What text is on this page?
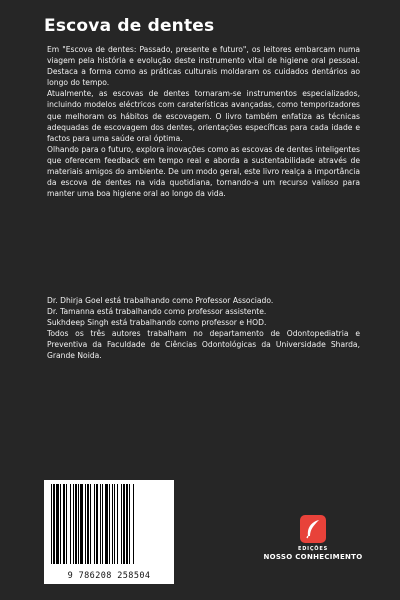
Escova de dentes

Em "Escova de dentes: Passado, presente e futuro", os leitores embarcam numa viagem pela história e evolução deste instrumento vital de higiene oral pessoal. Destaca a forma como as práticas culturais moldaram os cuidados dentários ao longo do tempo.

Atualmente, as escovas de dentes tornaram-se instrumentos especializados, incluindo modelos eléctricos com caraterísticas avançadas, como temporizadores que melhoram os hábitos de escovagem. O livro também enfatiza as técnicas adequadas de escovagem dos dentes, orientações específicas para cada idade e factos para uma saúde oral óptima.

Olhando para o futuro, explora inovações como as escovas de dentes inteligentes que oferecem feedback em tempo real e aborda a sustentabilidade através de materiais amigos do ambiente. De um modo geral, este livro realça a importância da escova de dentes na vida quotidiana, tornando-a um recurso valioso para manter uma boa higiene oral ao longo da vida.

Dr. Dhirja Goel está trabalhando como Professor Associado.

Dr. Tamanna está trabalhando como professor assistente.

Sukhdeep Singh está trabalhando como professor e HOD.

Todos os três autores trabalham no departamento de Odontopediatria e Preventiva da Faculdade de Ciências Odontológicas da Universidade Sharda, Grande Noida.

9 786208 258504
EDIÇÕES
NOSSO CONHECIMENTO
